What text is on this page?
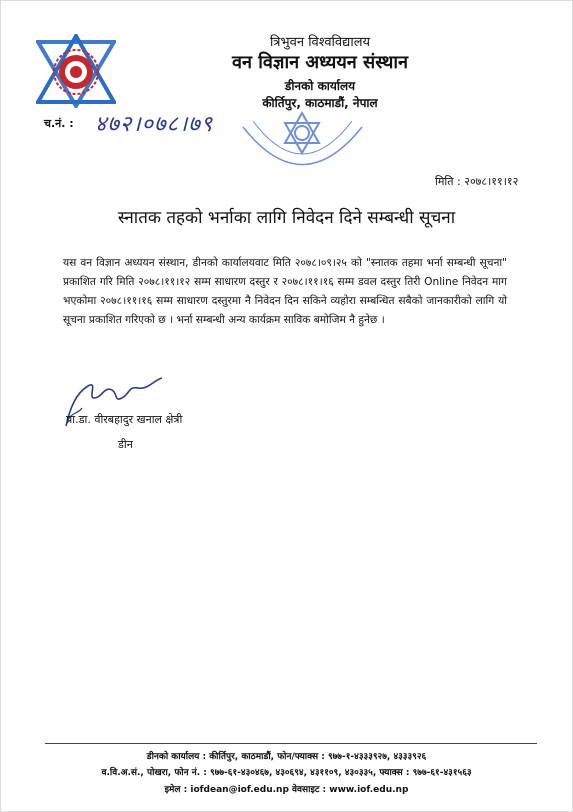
त्रिभुवन विश्वविद्यालय
वन विज्ञान अध्ययन संस्थान
डीनको कार्यालय
कीर्तिपुर, काठमाडौं, नेपाल
च.नं. : ४७२।०७८।७९
मिति : २०७८।११।१२
स्नातक तहको भर्नाका लागि निवेदन दिने सम्बन्धी सूचना
यस वन विज्ञान अध्ययन संस्थान, डीनको कार्यालयवाट मिति २०७८।०९।२५ को "स्नातक तहमा भर्ना सम्बन्धी सूचना" प्रकाशित गरि मिति २०७८।११।१२ सम्म साधारण दस्तुर र २०७८।११।१६ सम्म डवल दस्तुर तिरी Online निवेदन माग भएकोमा २०७८।११।१६ सम्म साधारण दस्तुरमा नै निवेदन दिन सकिने व्यहोरा सम्बन्धित सबैको जानकारीको लागि यो सूचना प्रकाशित गरिएको छ । भर्ना सम्बन्धी अन्य कार्यक्रम साविक बमोजिम नै हुनेछ ।
प्रा.डा. वीरबहादुर खनाल क्षेत्री
डीन
डीनको कार्यालय : कीर्तिपुर, काठमाडौं, फोन/फ्याक्स : ९७७-१-४३३३९२७, ४३३३९२६
व.वि.अ.सं., पोखरा, फोन नं. : ९७७-६१-४३०४६७, ४३०६९४, ४३११०९, ४३०३३५, फ्याक्स : ९७७-६१-४३१५६३
इमेल : iofdean@iof.edu.np वेवसाइट : www.iof.edu.np
